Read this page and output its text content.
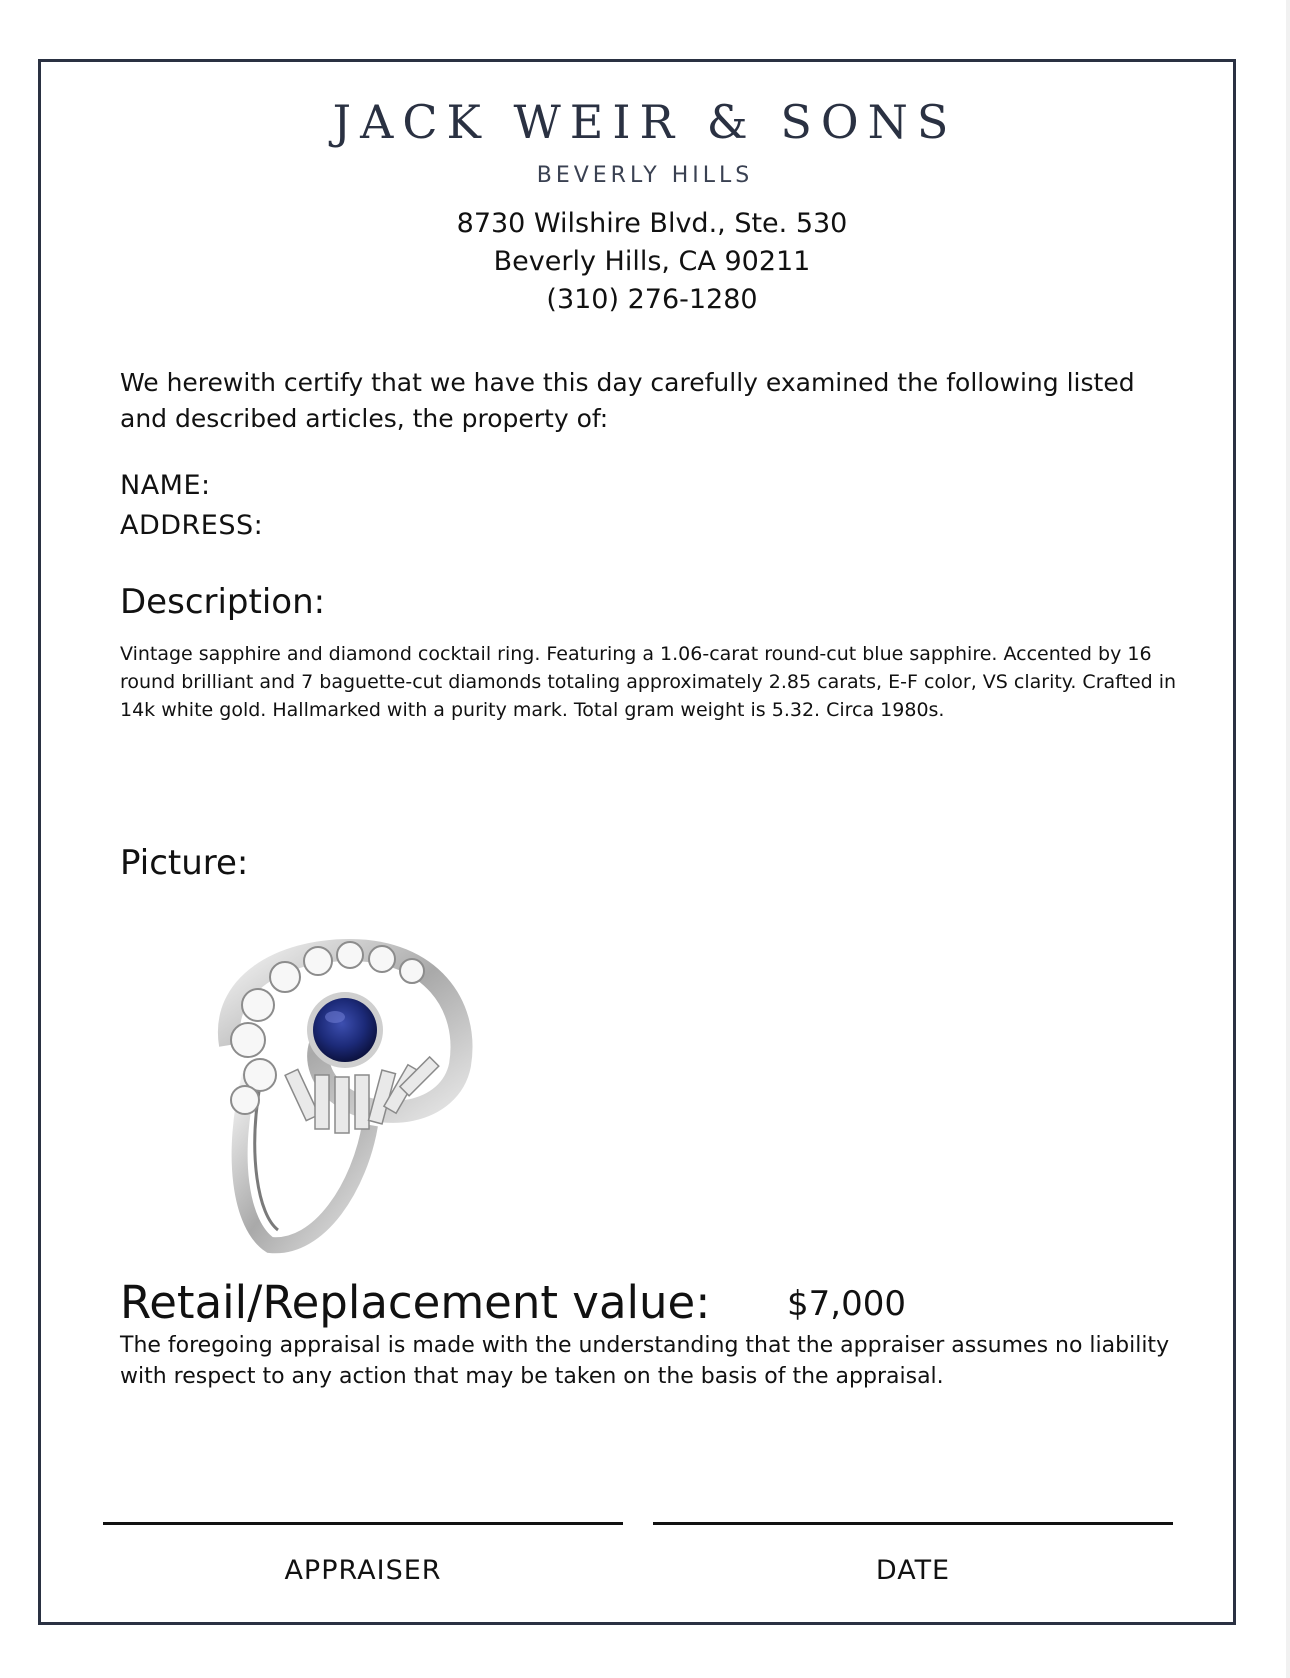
JACK WEIR & SONS
BEVERLY HILLS
8730 Wilshire Blvd., Ste. 530
Beverly Hills, CA 90211
(310) 276-1280
We herewith certify that we have this day carefully examined the following listed and described articles, the property of:
NAME:
ADDRESS:
Description:
Vintage sapphire and diamond cocktail ring. Featuring a 1.06-carat round-cut blue sapphire. Accented by 16 round brilliant and 7 baguette-cut diamonds totaling approximately 2.85 carats, E-F color, VS clarity. Crafted in 14k white gold. Hallmarked with a purity mark. Total gram weight is 5.32. Circa 1980s.
Picture:
Retail/Replacement value: $7,000
The foregoing appraisal is made with the understanding that the appraiser assumes no liability with respect to any action that may be taken on the basis of the appraisal.
APPRAISER	DATE
